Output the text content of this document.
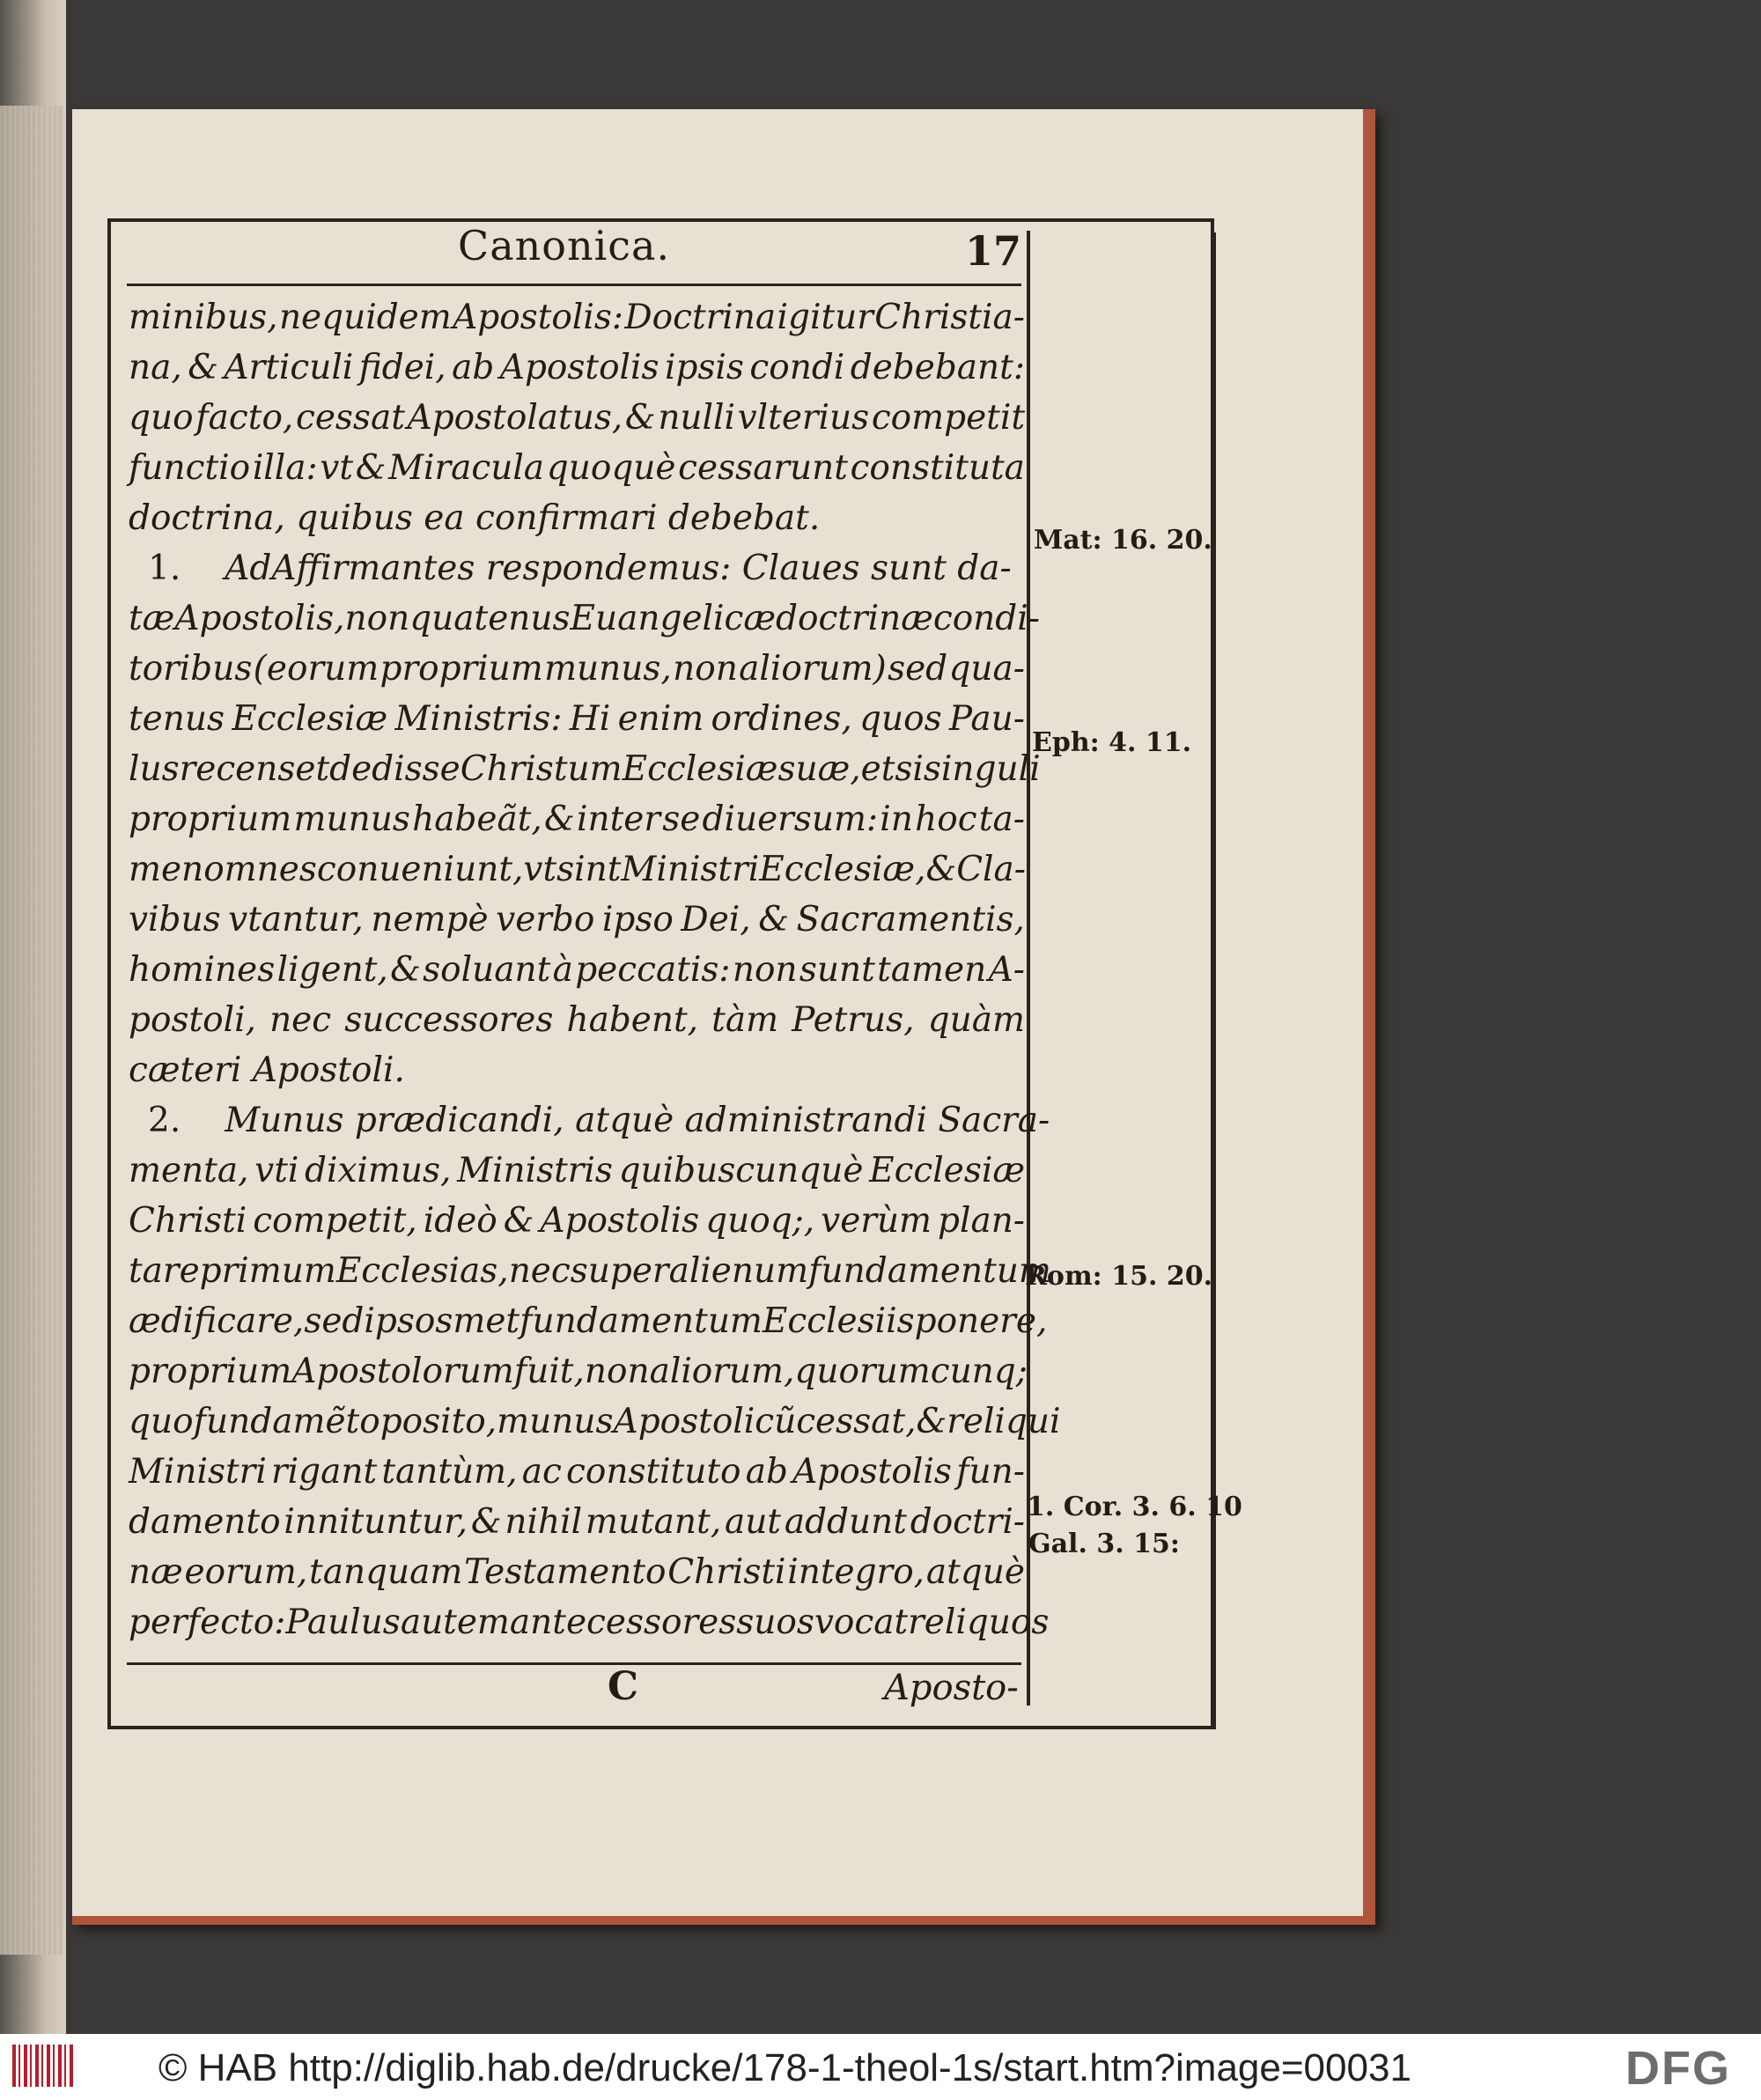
Canonica.	17
minibus, nequidem Apostolis: Doctrina igitur Christia-
na, & Articuli fidei, ab Apostolis ipsis condi debebant:
quo facto, cessat Apostolatus, & nulli vlterius competit
functio illa: vt & Miracula quoquè cessarunt constituta
doctrina, quibus ea confirmari debebat.
1. AdAffirmantes respondemus: Claues sunt da-
tæ Apostolis, non quatenus Euangelicæ doctrinæ condi-
toribus (eorum proprium munus, non aliorum) sed qua-
tenus Ecclesiæ Ministris: Hi enim ordines, quos Pau-
lus recenset dedisse Christum Ecclesiæ suæ, etsi singuli
proprium munus habeãt, & inter se diuersum: in hoc ta-
men omnes conueniunt, vt sint Ministri Ecclesiæ, & Cla-
vibus vtantur, nempè verbo ipso Dei, & Sacramentis,
homines ligent, & soluant à peccatis: non sunt tamen A-
postoli, nec successores habent, tàm Petrus, quàm
cæteri Apostoli.
2. Munus prædicandi, atquè administrandi Sacra-
menta, vti diximus, Ministris quibuscunquè Ecclesiæ
Christi competit, ideò & Apostolis quoq;, verùm plan-
tare primum Ecclesias, nec super alienum fundamentum
ædificare, sed ipsosmet fundamentum Ecclesiis ponere,
proprium Apostolorum fuit, non aliorum, quorumcunq;
quo fundamẽto posito, munus Apostolicũ cessat, & reliqui
Ministri rigant tantùm, ac constituto ab Apostolis fun-
damento innituntur, & nihil mutant, aut addunt doctri-
næ eorum, tanquam Testamento Christi integro, atquè
perfecto: Paulus autem antecessores suos vocat reliquos
Mat: 16. 20.
Eph: 4. 11.
Rom: 15. 20.
1. Cor. 3. 6. 10
Gal. 3. 15:
C	Aposto-
© HAB http://diglib.hab.de/drucke/178-1-theol-1s/start.htm?image=00031	DFG
